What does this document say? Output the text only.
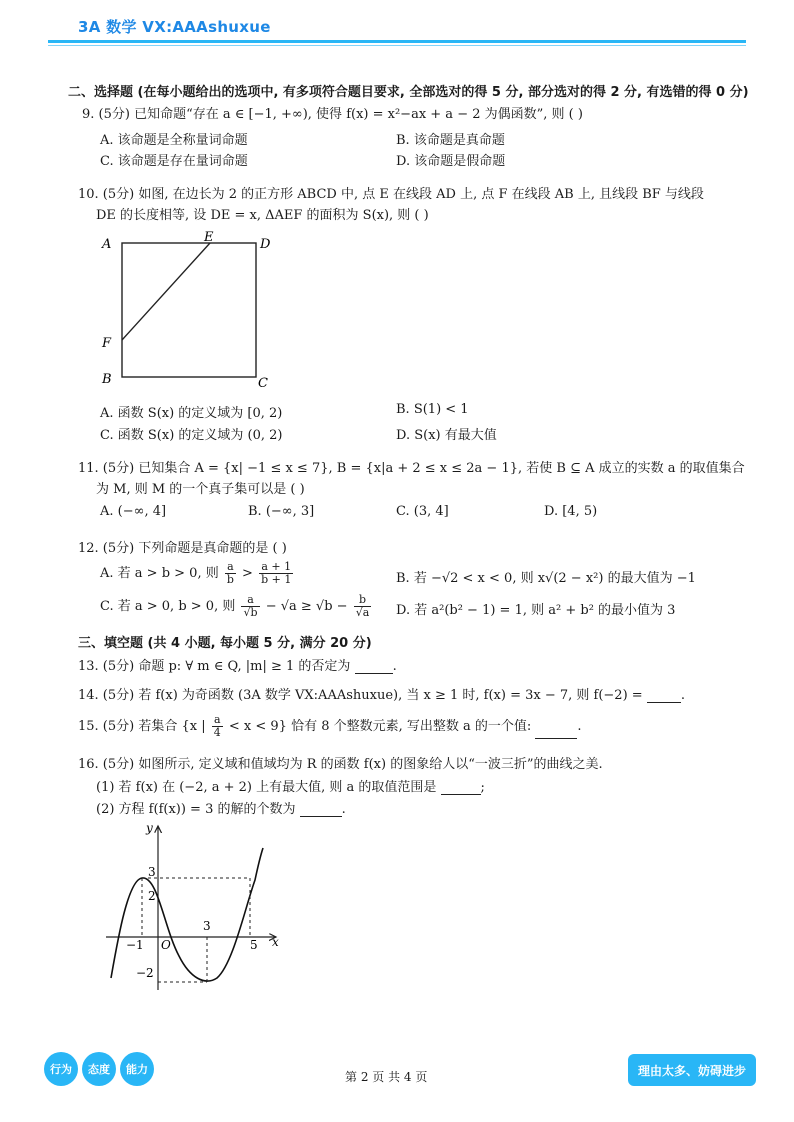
3A 数学 VX:AAAshuxue
二、选择题 (在每小题给出的选项中, 有多项符合题目要求, 全部选对的得 5 分, 部分选对的得 2 分, 有选错的得 0 分)
9. (5分) 已知命题“存在 a ∈ [−1, +∞), 使得 f(x) = x²−ax + a − 2 为偶函数”, 则 ( )
A. 该命题是全称量词命题	B. 该命题是真命题
C. 该命题是存在量词命题	D. 该命题是假命题
10. (5分) 如图, 在边长为 2 的正方形 ABCD 中, 点 E 在线段 AD 上, 点 F 在线段 AB 上, 且线段 BF 与线段
DE 的长度相等, 设 DE = x, ΔAEF 的面积为 S(x), 则 ( )
A	E	D
F
B	C
A. 函数 S(x) 的定义域为 [0, 2)	B. S(1) < 1
C. 函数 S(x) 的定义域为 (0, 2)	D. S(x) 有最大值
11. (5分) 已知集合 A = {x| −1 ≤ x ≤ 7}, B = {x|a + 2 ≤ x ≤ 2a − 1}, 若使 B ⊆ A 成立的实数 a 的取值集合
为 M, 则 M 的一个真子集可以是 ( )
A. (−∞, 4]	B. (−∞, 3]	C. (3, 4]	D. [4, 5)
12. (5分) 下列命题是真命题的是 ( )
A. 若 a > b > 0, 则 $\frac{a}{b} > \frac{a + 1}{b + 1}$	B. 若 −√2 < x < 0, 则 x√(2 − x²) 的最大值为 −1
C. 若 a > 0, b > 0, 则 $\frac{a}{√b} - √a \ge √b - \frac{b}{√a} D$. 若 a²(b² − 1) = 1, 则 a² + b² 的最小值为 3
三、填空题 (共 4 小题, 每小题 5 分, 满分 20 分)
13. (5分) 命题 p: ∀ m ∈ Q, |m| ≥ 1 的否定为	.
14. (5分) 若 f(x) 为奇函数 (3A 数学 VX:AAAshuxue), 当 x ≥ 1 时, f(x) = 3x − 7, 则 f(−2) =	.
15. (5分) 若集合 {x | $\frac{a}{4} < x < 9$} 恰有 8 个整数元素, 写出整数 a 的一个值:	.
16. (5分) 如图所示, 定义域和值域均为 R 的函数 f(x) 的图象给人以“一波三折”的曲线之美.
(1) 若 f(x) 在 (−2, a + 2) 上有最大值, 则 a 的取值范围是	;
(2) 方程 f(f(x)) = 3 的解的个数为	.
y
x
O
3
2
−2
−1
3
5
行为	态度	能力
第 2 页 共 4 页	理由太多、妨碍进步
